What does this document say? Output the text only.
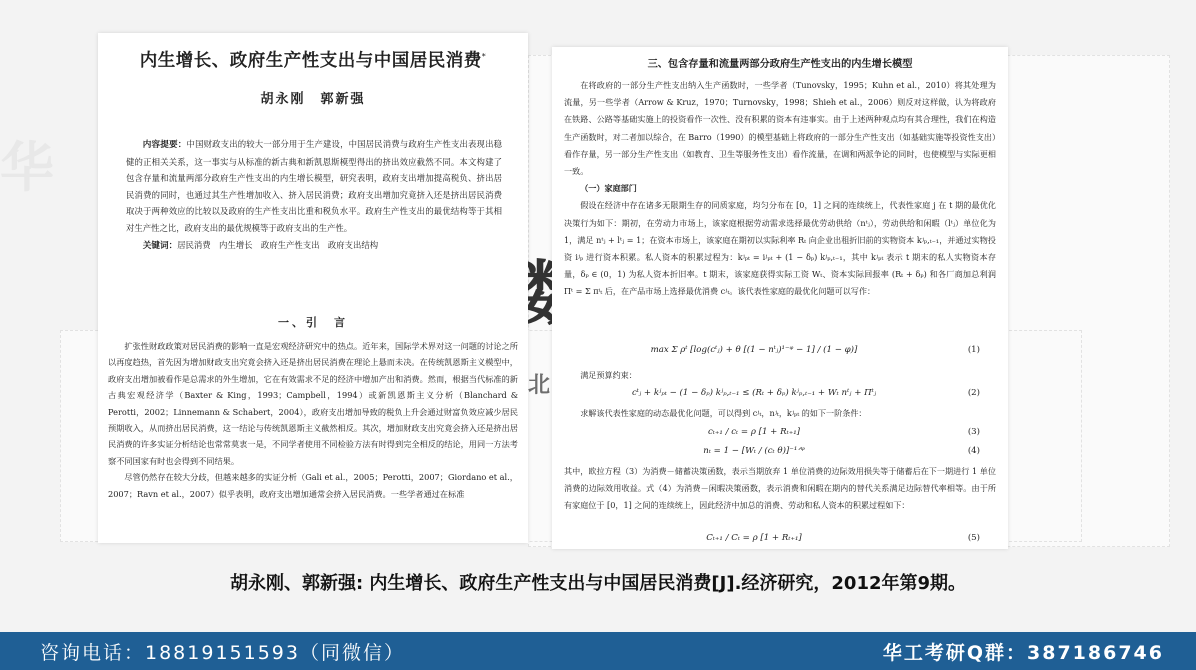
北
内生增长、政府生产性支出与中国居民消费*
胡永刚　郭新强
内容提要：中国财政支出的较大一部分用于生产建设，中国居民消费与政府生产性支出表现出稳健的正相关关系，这一事实与从标准的新古典和新凯恩斯模型得出的挤出效应截然不同。本文构建了包含存量和流量两部分政府生产性支出的内生增长模型，研究表明，政府支出增加提高税负、挤出居民消费的同时，也通过其生产性增加收入、挤入居民消费；政府支出增加究竟挤入还是挤出居民消费取决于两种效应的比较以及政府的生产性支出比重和税负水平。政府生产性支出的最优结构等于其相对生产性之比，政府支出的最优规模等于政府支出的生产性。
关键词：居民消费　内生增长　政府生产性支出　政府支出结构
一、引　言

扩张性财政政策对居民消费的影响一直是宏观经济研究中的热点。近年来，国际学术界对这一问题的讨论之所以再度趋热，首先因为增加财政支出究竟会挤入还是挤出居民消费在理论上悬而未决。在传统凯恩斯主义模型中，政府支出增加被看作是总需求的外生增加，它在有效需求不足的经济中增加产出和消费。然而，根据当代标准的新古典宏观经济学（Baxter & King，1993；Campbell，1994）或新凯恩斯主义分析（Blanchard & Perotti，2002；Linnemann & Schabert，2004），政府支出增加导致的税负上升会通过财富负效应减少居民预期收入，从而挤出居民消费，这一结论与传统凯恩斯主义截然相反。其次，增加财政支出究竟会挤入还是挤出居民消费的许多实证分析结论也常常莫衷一是，不同学者使用不同检验方法有时得到完全相反的结论，用同一方法考察不同国家有时也会得到不同结果。

尽管仍然存在较大分歧，但越来越多的实证分析（Gali et al.，2005；Perotti，2007；Giordano et al.，2007；Ravn et al.，2007）似乎表明，政府支出增加通常会挤入居民消费。一些学者通过在标准

三、包含存量和流量两部分政府生产性支出的内生增长模型

在将政府的一部分生产性支出纳入生产函数时，一些学者（Tunovsky，1995；Kuhn et al.，2010）将其处理为流量，另一些学者（Arrow & Kruz，1970；Turnovsky，1998；Shieh et al.，2006）则反对这样做，认为将政府在铁路、公路等基础实施上的投资看作一次性、没有积累的资本有违事实。由于上述两种观点均有其合理性，我们在构造生产函数时，对二者加以综合，在 Barro（1990）的模型基础上将政府的一部分生产性支出（如基础实施等投资性支出）看作存量，另一部分生产性支出（如教育、卫生等服务性支出）看作流量，在调和两派争论的同时，也使模型与实际更相一致。

（一）家庭部门

假设在经济中存在诸多无限期生存的同质家庭，均匀分布在 [0，1] 之间的连续统上，代表性家庭 j 在 t 期的最优化决策行为如下：期初，在劳动力市场上，该家庭根据劳动需求选择最优劳动供给（nᵗⱼ），劳动供给和闲暇（lᵗⱼ）单位化为 1，满足 nᵗⱼ + lᵗⱼ = 1；在资本市场上，该家庭在期初以实际利率 Rₜ 向企业出租折旧前的实物资本 kʲₚ,ₜ₋₁，并通过实物投资 iʲₚ 进行资本积累。私人资本的积累过程为：kʲₚₜ = iʲₚₜ + (1 − δₚ) kʲₚ,ₜ₋₁，其中 kʲₚₜ 表示 t 期末的私人实物资本存量，δₚ ∈ (0，1) 为私人资本折旧率。t 期末，该家庭获得实际工资 Wₜ、资本实际回报率 (Rₜ + δₚ) 和各厂商加总利润 Πᵗ = Σ πⁱₜ 后，在产品市场上选择最优消费 cʲₜ。该代表性家庭的最优化问题可以写作：

max Σ ρᵗ [log(cᵗⱼ) + θ [(1 − nᵗⱼ)¹⁻ᵠ − 1] / (1 − φ)]	(1)

满足预算约束：

cᵗⱼ + kʲₚₜ − (1 − δₚ) kʲₚ,ₜ₋₁ ≤ (Rₜ + δₚ) kʲₚ,ₜ₋₁ + Wₜ nᵗⱼ + Πᵗⱼ	(2)

求解该代表性家庭的动态最优化问题，可以得到 cʲₜ，nʲₜ，kʲₚₜ 的如下一阶条件：

cₜ₊₁ / cₜ = ρ [1 + Rₜ₊₁]	(3)
nₜ = 1 − [Wₜ / (cₜ θ)]⁻¹ᐟᵠ	(4)

其中，欧拉方程（3）为消费－储蓄决策函数，表示当期放弃 1 单位消费的边际效用损失等于储蓄后在下一期进行 1 单位消费的边际效用收益。式（4）为消费－闲暇决策函数，表示消费和闲暇在期内的替代关系满足边际替代率相等。由于所有家庭位于 [0，1] 之间的连续统上，因此经济中加总的消费、劳动和私人资本的积累过程如下：

Cₜ₊₁ / Cₜ = ρ [1 + Rₜ₊₁]	(5)
胡永刚、郭新强: 内生增长、政府生产性支出与中国居民消费[J].经济研究，2012年第9期。
咨询电话：18819151593（同微信）	华工考研Q群：387186746
